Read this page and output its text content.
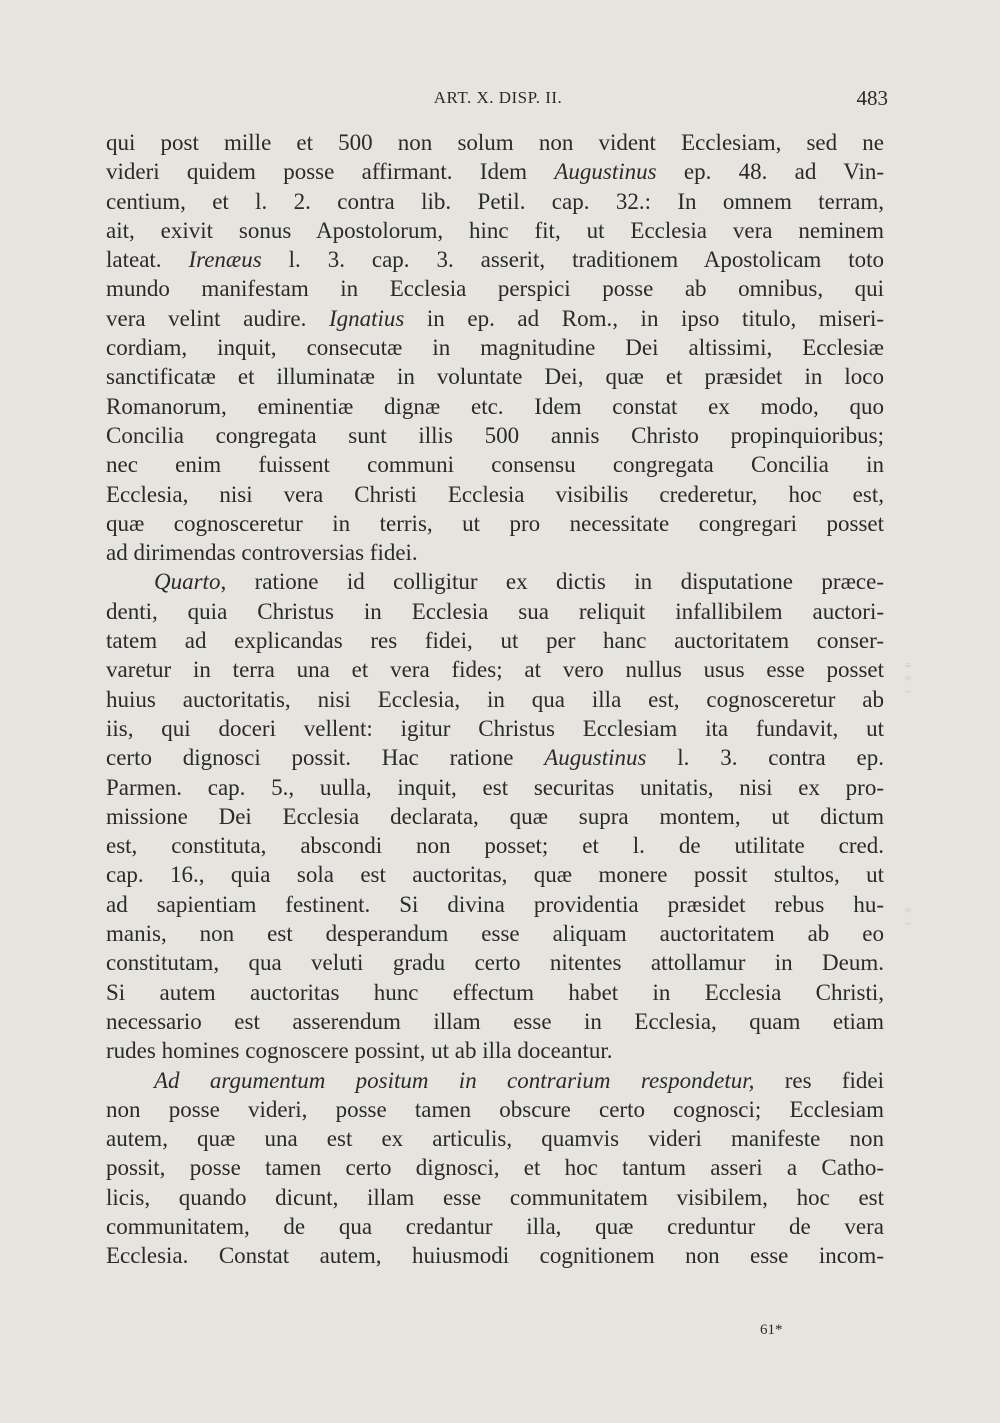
ART. X. DISP. II.	483
qui post mille et 500 non solum non vident Ecclesiam, sed ne
videri quidem posse affirmant. Idem Augustinus ep. 48. ad Vin-
centium, et l. 2. contra lib. Petil. cap. 32.: In omnem terram,
ait, exivit sonus Apostolorum, hinc fit, ut Ecclesia vera neminem
lateat. Irenæus l. 3. cap. 3. asserit, traditionem Apostolicam toto
mundo manifestam in Ecclesia perspici posse ab omnibus, qui
vera velint audire. Ignatius in ep. ad Rom., in ipso titulo, miseri-
cordiam, inquit, consecutæ in magnitudine Dei altissimi, Ecclesiæ
sanctificatæ et illuminatæ in voluntate Dei, quæ et præsidet in loco
Romanorum, eminentiæ dignæ etc. Idem constat ex modo, quo
Concilia congregata sunt illis 500 annis Christo propinquioribus;
nec enim fuissent communi consensu congregata Concilia in
Ecclesia, nisi vera Christi Ecclesia visibilis crederetur, hoc est,
quæ cognosceretur in terris, ut pro necessitate congregari posset
ad dirimendas controversias fidei.
Quarto, ratione id colligitur ex dictis in disputatione præce-
denti, quia Christus in Ecclesia sua reliquit infallibilem auctori-
tatem ad explicandas res fidei, ut per hanc auctoritatem conser-
varetur in terra una et vera fides; at vero nullus usus esse posset
huius auctoritatis, nisi Ecclesia, in qua illa est, cognosceretur ab
iis, qui doceri vellent: igitur Christus Ecclesiam ita fundavit, ut
certo dignosci possit. Hac ratione Augustinus l. 3. contra ep.
Parmen. cap. 5., uulla, inquit, est securitas unitatis, nisi ex pro-
missione Dei Ecclesia declarata, quæ supra montem, ut dictum
est, constituta, abscondi non posset; et l. de utilitate cred.
cap. 16., quia sola est auctoritas, quæ monere possit stultos, ut
ad sapientiam festinent. Si divina providentia præsidet rebus hu-
manis, non est desperandum esse aliquam auctoritatem ab eo
constitutam, qua veluti gradu certo nitentes attollamur in Deum.
Si autem auctoritas hunc effectum habet in Ecclesia Christi,
necessario est asserendum illam esse in Ecclesia, quam etiam
rudes homines cognoscere possint, ut ab illa doceantur.
Ad argumentum positum in contrarium respondetur, res fidei
non posse videri, posse tamen obscure certo cognosci; Ecclesiam
autem, quæ una est ex articulis, quamvis videri manifeste non
possit, posse tamen certo dignosci, et hoc tantum asseri a Catho-
licis, quando dicunt, illam esse communitatem visibilem, hoc est
communitatem, de qua credantur illa, quæ creduntur de vera
Ecclesia. Constat autem, huiusmodi cognitionem non esse incom-
61*
≡
≈
~
≈
~
